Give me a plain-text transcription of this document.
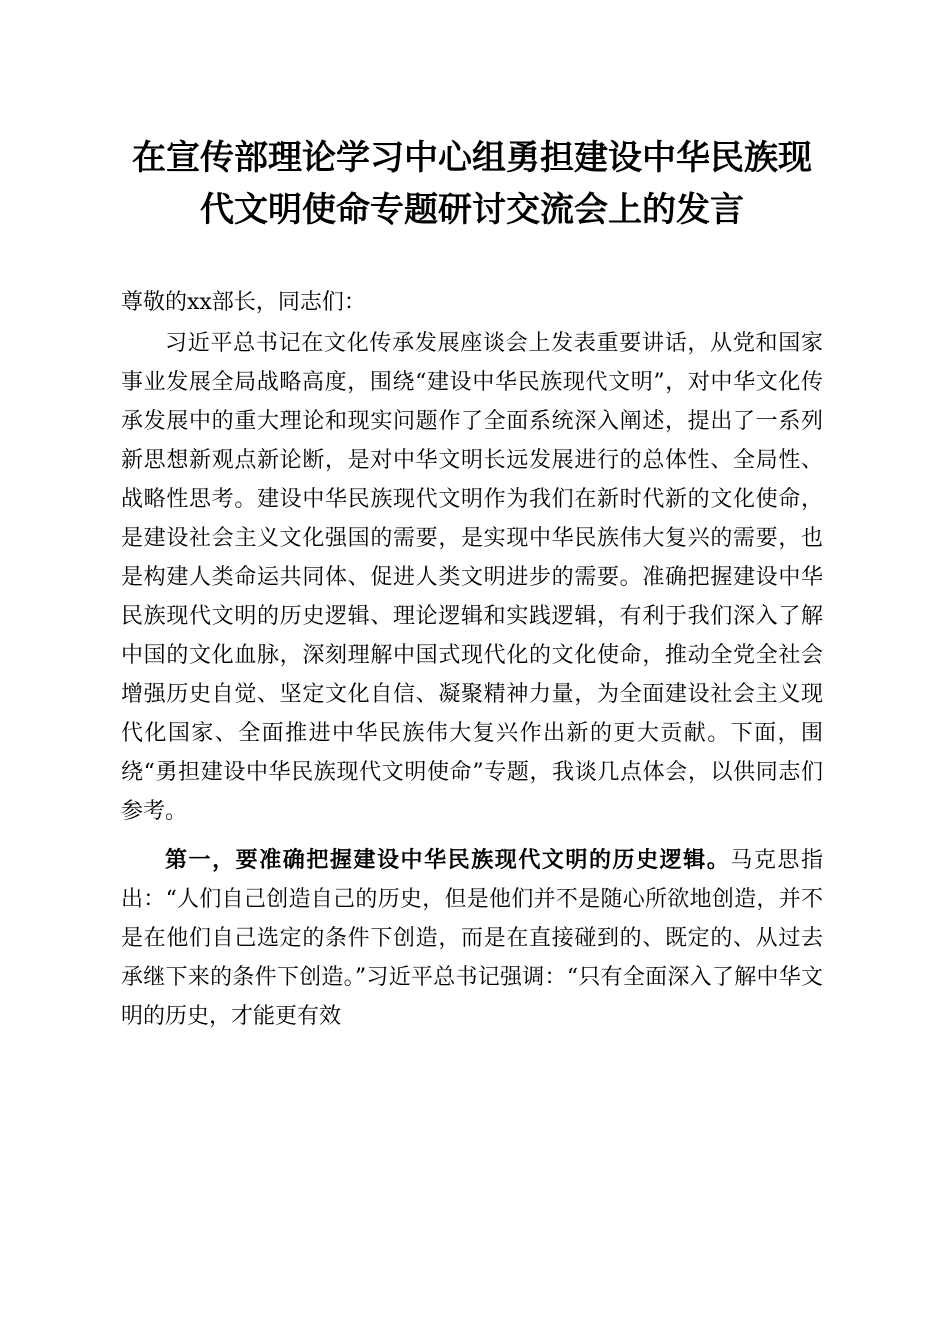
在宣传部理论学习中心组勇担建设中华民族现
代文明使命专题研讨交流会上的发言

尊敬的xx部长，同志们：

习近平总书记在文化传承发展座谈会上发表重要讲话，从党和国家事业发展全局战略高度，围绕“建设中华民族现代文明”，对中华文化传承发展中的重大理论和现实问题作了全面系统深入阐述，提出了一系列新思想新观点新论断，是对中华文明长远发展进行的总体性、全局性、战略性思考。建设中华民族现代文明作为我们在新时代新的文化使命，是建设社会主义文化强国的需要，是实现中华民族伟大复兴的需要，也是构建人类命运共同体、促进人类文明进步的需要。准确把握建设中华民族现代文明的历史逻辑、理论逻辑和实践逻辑，有利于我们深入了解中国的文化血脉，深刻理解中国式现代化的文化使命，推动全党全社会增强历史自觉、坚定文化自信、凝聚精神力量，为全面建设社会主义现代化国家、全面推进中华民族伟大复兴作出新的更大贡献。下面，围绕“勇担建设中华民族现代文明使命”专题，我谈几点体会，以供同志们参考。

第一，要准确把握建设中华民族现代文明的历史逻辑。马克思指出：“人们自己创造自己的历史，但是他们并不是随心所欲地创造，并不是在他们自己选定的条件下创造，而是在直接碰到的、既定的、从过去承继下来的条件下创造。”习近平总书记强调：“只有全面深入了解中华文明的历史，才能更有效
